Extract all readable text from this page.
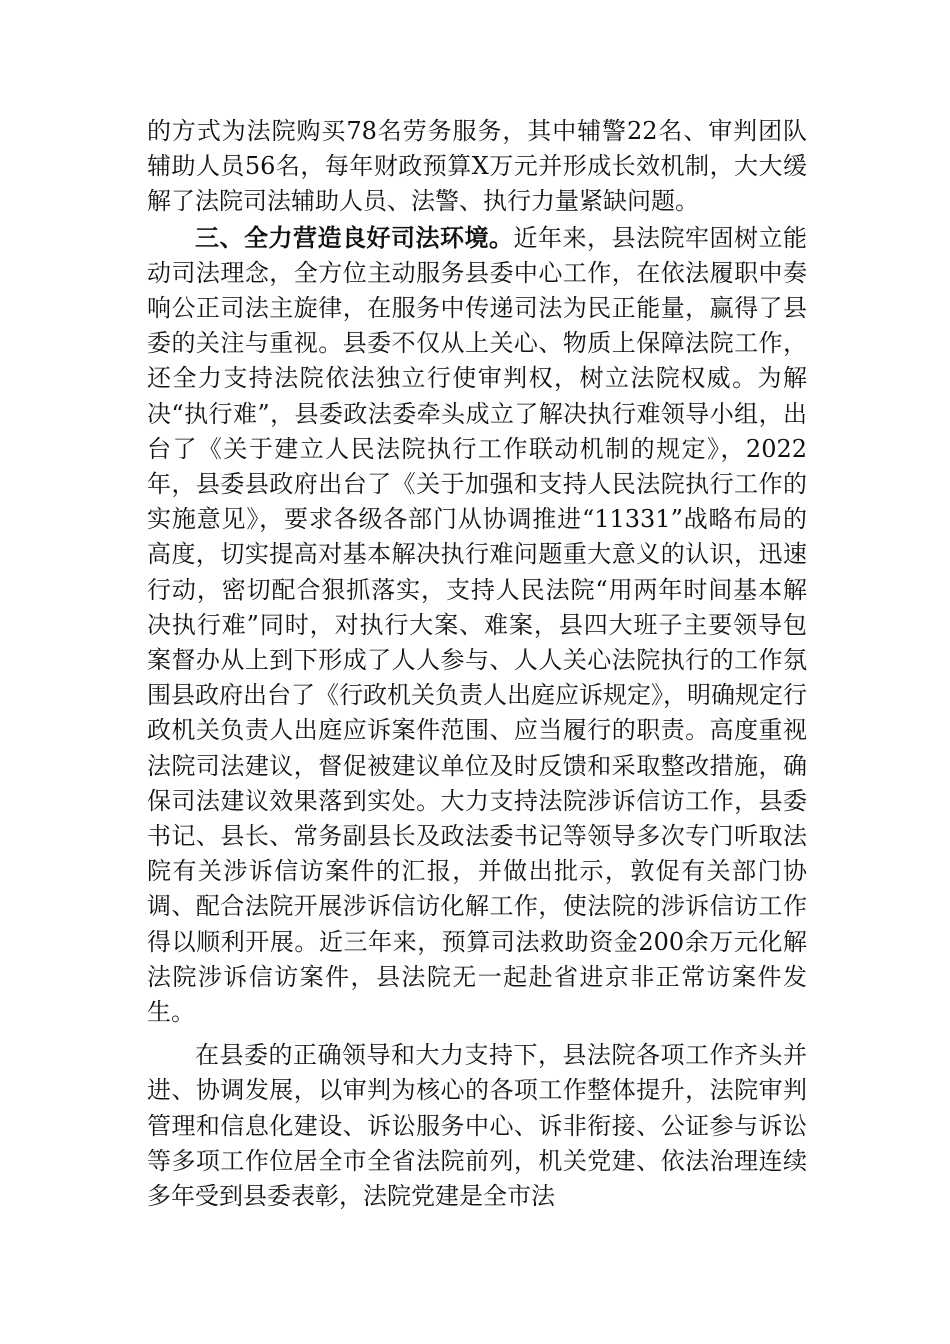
的方式为法院购买78名劳务服务，其中辅警22名、审判团队辅助人员56名，每年财政预算X万元并形成长效机制，大大缓解了法院司法辅助人员、法警、执行力量紧缺问题。

三、全力营造良好司法环境。近年来，县法院牢固树立能动司法理念，全方位主动服务县委中心工作，在依法履职中奏响公正司法主旋律，在服务中传递司法为民正能量，赢得了县委的关注与重视。县委不仅从上关心、物质上保障法院工作，还全力支持法院依法独立行使审判权，树立法院权威。为解决“执行难”，县委政法委牵头成立了解决执行难领导小组，出台了《关于建立人民法院执行工作联动机制的规定》，2022年，县委县政府出台了《关于加强和支持人民法院执行工作的实施意见》，要求各级各部门从协调推进“11331”战略布局的高度，切实提高对基本解决执行难问题重大意义的认识，迅速行动，密切配合狠抓落实，支持人民法院“用两年时间基本解决执行难”同时，对执行大案、难案，县四大班子主要领导包案督办从上到下形成了人人参与、人人关心法院执行的工作氛围县政府出台了《行政机关负责人出庭应诉规定》，明确规定行政机关负责人出庭应诉案件范围、应当履行的职责。高度重视法院司法建议，督促被建议单位及时反馈和采取整改措施，确保司法建议效果落到实处。大力支持法院涉诉信访工作，县委书记、县长、常务副县长及政法委书记等领导多次专门听取法院有关涉诉信访案件的汇报，并做出批示，敦促有关部门协调、配合法院开展涉诉信访化解工作，使法院的涉诉信访工作得以顺利开展。近三年来，预算司法救助资金200余万元化解法院涉诉信访案件，县法院无一起赴省进京非正常访案件发生。

在县委的正确领导和大力支持下，县法院各项工作齐头并进、协调发展，以审判为核心的各项工作整体提升，法院审判管理和信息化建设、诉讼服务中心、诉非衔接、公证参与诉讼等多项工作位居全市全省法院前列，机关党建、依法治理连续多年受到县委表彰，法院党建是全市法
